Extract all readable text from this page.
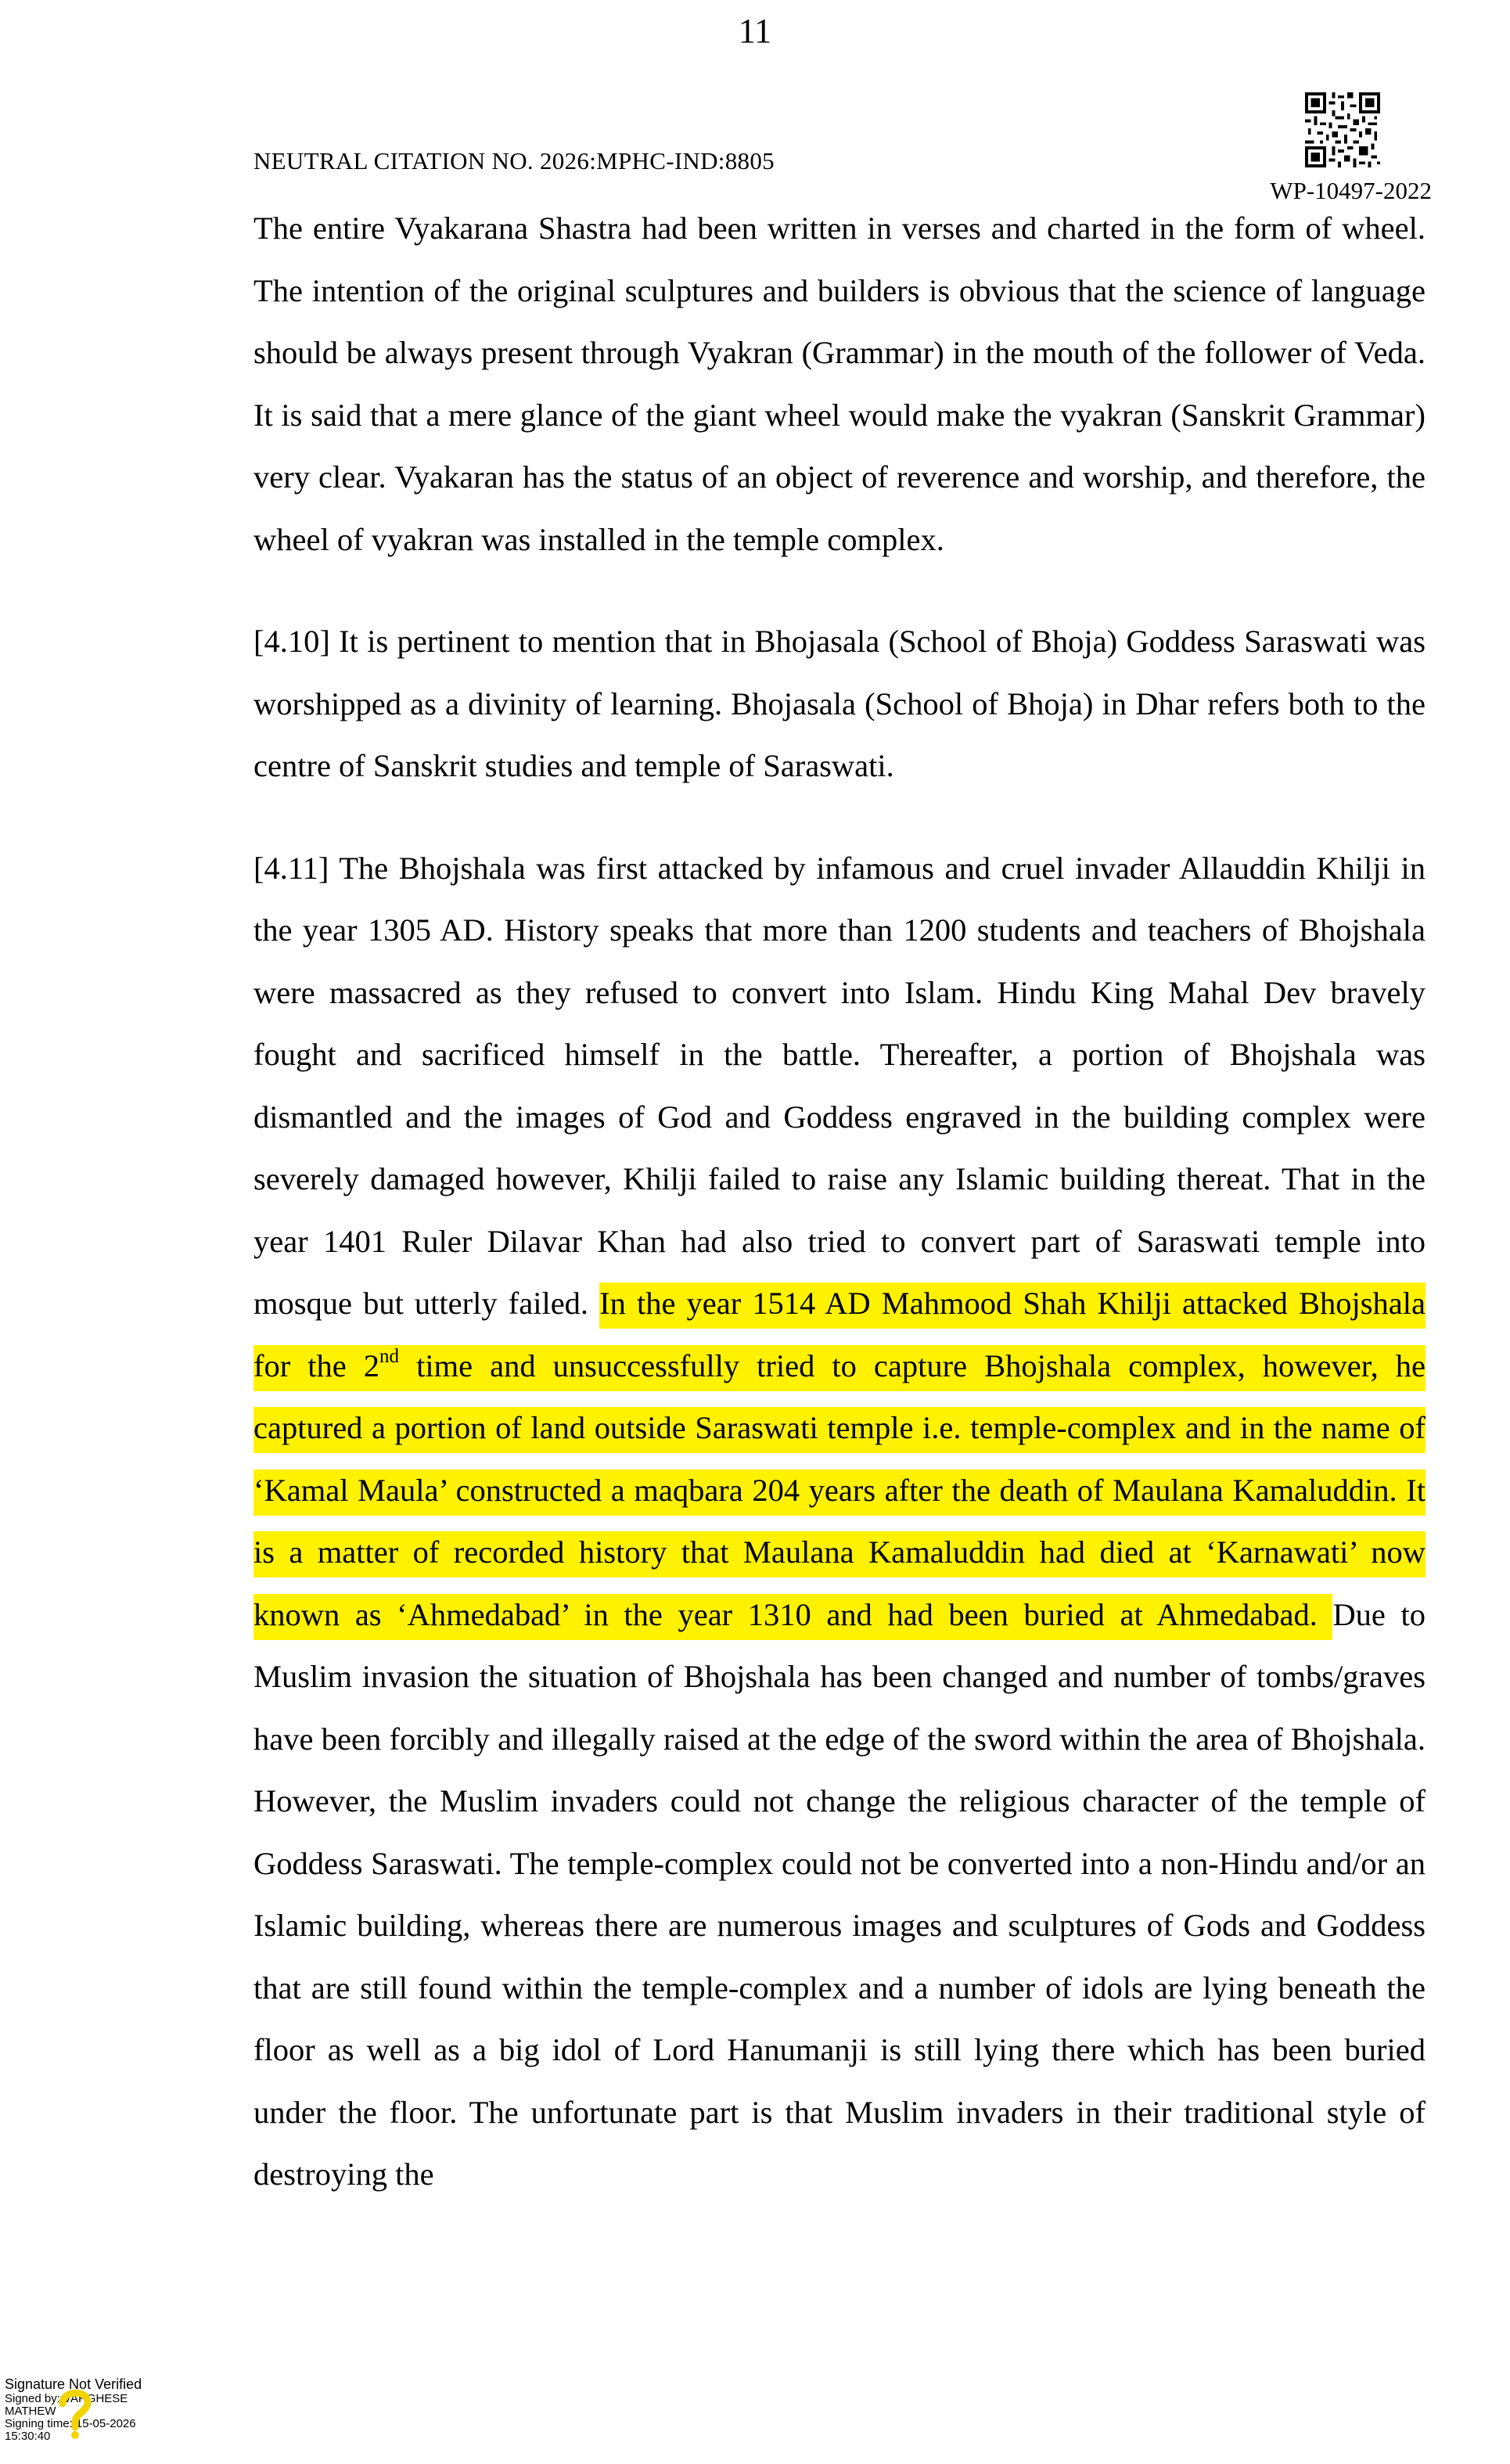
11
NEUTRAL CITATION NO. 2026:MPHC-IND:8805
WP-10497-2022

The entire Vyakarana Shastra had been written in verses and charted in the form of wheel. The intention of the original sculptures and builders is obvious that the science of language should be always present through Vyakran (Grammar) in the mouth of the follower of Veda. It is said that a mere glance of the giant wheel would make the vyakran (Sanskrit Grammar) very clear. Vyakaran has the status of an object of reverence and worship, and therefore, the wheel of vyakran was installed in the temple complex.

[4.10] It is pertinent to mention that in Bhojasala (School of Bhoja) Goddess Saraswati was worshipped as a divinity of learning. Bhojasala (School of Bhoja) in Dhar refers both to the centre of Sanskrit studies and temple of Saraswati.

[4.11] The Bhojshala was first attacked by infamous and cruel invader Allauddin Khilji in the year 1305 AD. History speaks that more than 1200 students and teachers of Bhojshala were massacred as they refused to convert into Islam. Hindu King Mahal Dev bravely fought and sacrificed himself in the battle. Thereafter, a portion of Bhojshala was dismantled and the images of God and Goddess engraved in the building complex were severely damaged however, Khilji failed to raise any Islamic building thereat. That in the year 1401 Ruler Dilavar Khan had also tried to convert part of Saraswati temple into mosque but utterly failed. In the year 1514 AD Mahmood Shah Khilji attacked Bhojshala for the 2nd time and unsuccessfully tried to capture Bhojshala complex, however, he captured a portion of land outside Saraswati temple i.e. temple-complex and in the name of ‘Kamal Maula’ constructed a maqbara 204 years after the death of Maulana Kamaluddin. It is a matter of recorded history that Maulana Kamaluddin had died at ‘Karnawati’ now known as ‘Ahmedabad’ in the year 1310 and had been buried at Ahmedabad. Due to Muslim invasion the situation of Bhojshala has been changed and number of tombs/graves have been forcibly and illegally raised at the edge of the sword within the area of Bhojshala. However, the Muslim invaders could not change the religious character of the temple of Goddess Saraswati. The temple-complex could not be converted into a non-Hindu and/or an Islamic building, whereas there are numerous images and sculptures of Gods and Goddess that are still found within the temple-complex and a number of idols are lying beneath the floor as well as a big idol of Lord Hanumanji is still lying there which has been buried under the floor. The unfortunate part is that Muslim invaders in their traditional style of destroying the

Signature Not Verified
Signed by: VARGHESE
MATHEW
Signing time: 15-05-2026
15:30:40
